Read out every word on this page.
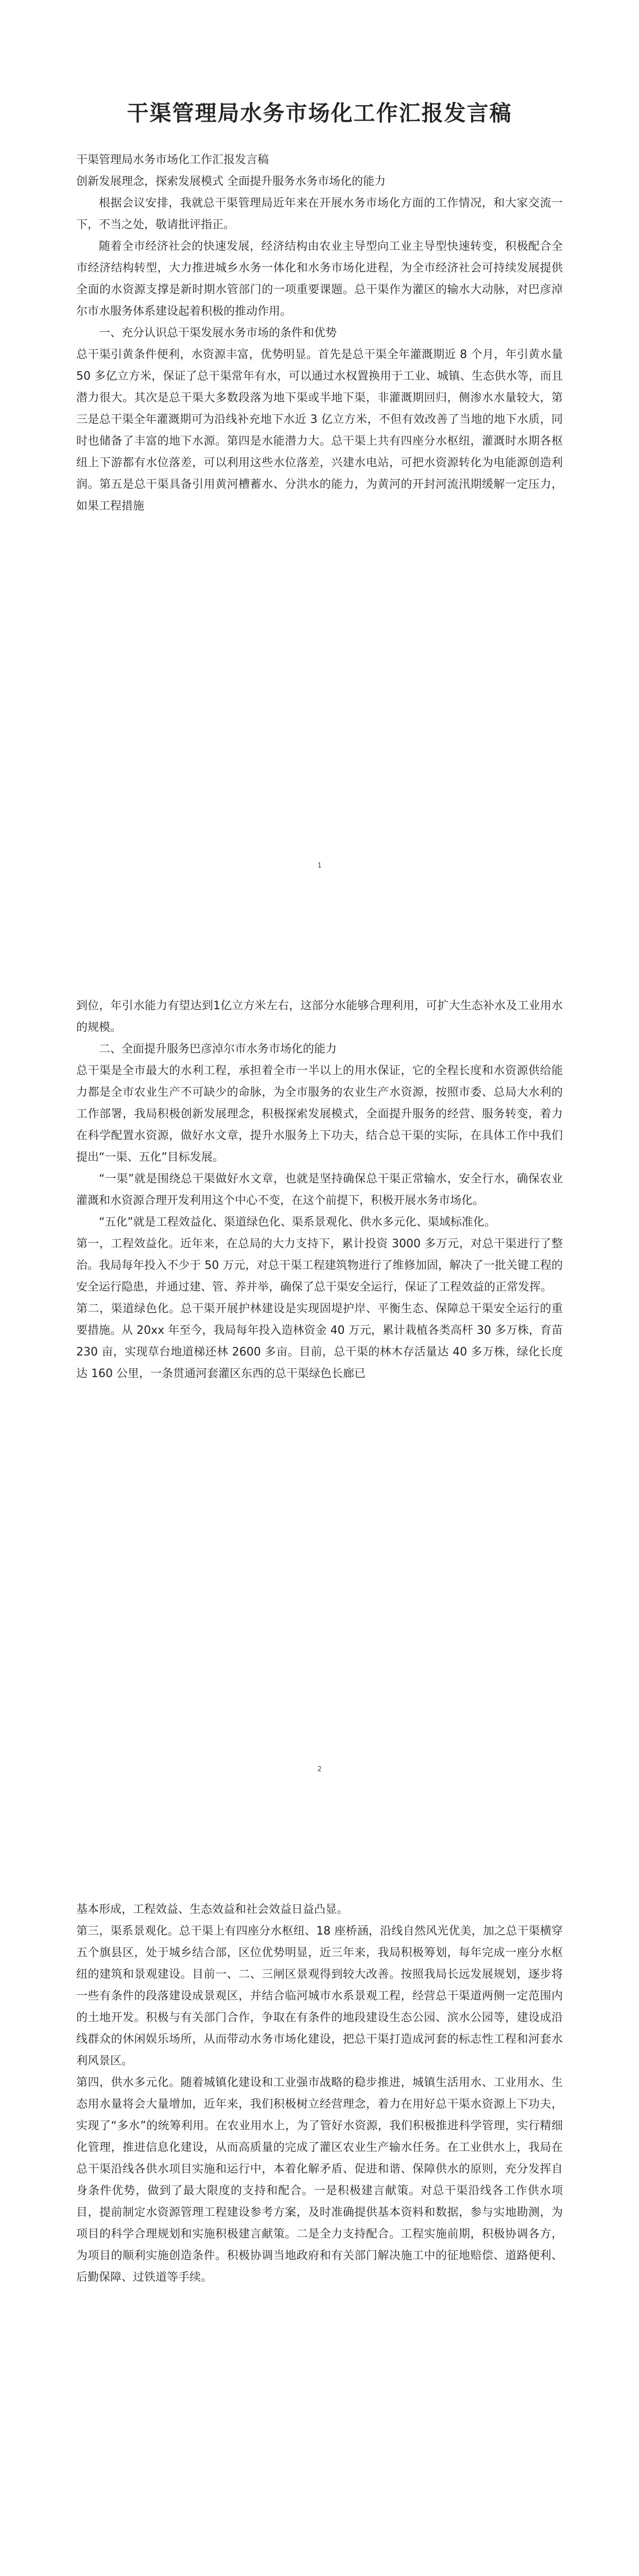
干渠管理局水务市场化工作汇报发言稿

干渠管理局水务市场化工作汇报发言稿

创新发展理念，探索发展模式 全面提升服务水务市场化的能力

根据会议安排，我就总干渠管理局近年来在开展水务市场化方面的工作情况，和大家交流一下，不当之处，敬请批评指正。

随着全市经济社会的快速发展，经济结构由农业主导型向工业主导型快速转变，积极配合全市经济结构转型，大力推进城乡水务一体化和水务市场化进程，为全市经济社会可持续发展提供全面的水资源支撑是新时期水管部门的一项重要课题。总干渠作为灌区的输水大动脉，对巴彦淖尔市水服务体系建设起着积极的推动作用。

一、充分认识总干渠发展水务市场的条件和优势

总干渠引黄条件便利，水资源丰富，优势明显。首先是总干渠全年灌溉期近 8 个月，年引黄水量 50 多亿立方米，保证了总干渠常年有水，可以通过水权置换用于工业、城镇、生态供水等，而且潜力很大。其次是总干渠大多数段落为地下渠或半地下渠，非灌溉期回归，侧渗水水量较大，第三是总干渠全年灌溉期可为沿线补充地下水近 3 亿立方米，不但有效改善了当地的地下水质，同时也储备了丰富的地下水源。第四是水能潜力大。总干渠上共有四座分水枢纽，灌溉时水期各枢纽上下游都有水位落差，可以利用这些水位落差，兴建水电站，可把水资源转化为电能源创造利润。第五是总干渠具备引用黄河槽蓄水、分洪水的能力，为黄河的开封河流汛期缓解一定压力，如果工程措施

1

到位，年引水能力有望达到1亿立方米左右，这部分水能够合理利用，可扩大生态补水及工业用水的规模。

二、全面提升服务巴彦淖尔市水务市场化的能力

总干渠是全市最大的水利工程，承担着全市一半以上的用水保证，它的全程长度和水资源供给能力都是全市农业生产不可缺少的命脉，为全市服务的农业生产水资源，按照市委、总局大水利的工作部署，我局积极创新发展理念，积极探索发展模式，全面提升服务的经营、服务转变，着力在科学配置水资源，做好水文章，提升水服务上下功夫，结合总干渠的实际，在具体工作中我们提出“一渠、五化”目标发展。

“一渠”就是围绕总干渠做好水文章，也就是坚持确保总干渠正常输水，安全行水，确保农业灌溉和水资源合理开发利用这个中心不变，在这个前提下，积极开展水务市场化。

“五化”就是工程效益化、渠道绿色化、渠系景观化、供水多元化、渠域标准化。

第一，工程效益化。近年来，在总局的大力支持下，累计投资 3000 多万元，对总干渠进行了整治。我局每年投入不少于 50 万元，对总干渠工程建筑物进行了维修加固，解决了一批关键工程的安全运行隐患，并通过建、管、养并举，确保了总干渠安全运行，保证了工程效益的正常发挥。

第二，渠道绿色化。总干渠开展护林建设是实现固堤护岸、平衡生态、保障总干渠安全运行的重要措施。从 20xx 年至今，我局每年投入造林资金 40 万元，累计栽植各类高杆 30 多万株，育苗 230 亩，实现草台地道梯还林 2600 多亩。目前，总干渠的林木存活量达 40 多万株，绿化长度达 160 公里，一条贯通河套灌区东西的总干渠绿色长廊已

2

基本形成，工程效益、生态效益和社会效益日益凸显。

第三，渠系景观化。总干渠上有四座分水枢纽、18 座桥涵，沿线自然风光优美，加之总干渠横穿五个旗县区，处于城乡结合部，区位优势明显，近三年来，我局积极筹划，每年完成一座分水枢纽的建筑和景观建设。目前一、二、三闸区景观得到较大改善。按照我局长远发展规划，逐步将一些有条件的段落建设成景观区，并结合临河城市水系景观工程，经营总干渠道两侧一定范围内的土地开发。积极与有关部门合作，争取在有条件的地段建设生态公园、滨水公园等，建设成沿线群众的休闲娱乐场所，从而带动水务市场化建设，把总干渠打造成河套的标志性工程和河套水利风景区。

第四，供水多元化。随着城镇化建设和工业强市战略的稳步推进，城镇生活用水、工业用水、生态用水量将会大量增加，近年来，我们积极树立经营理念，着力在用好总干渠水资源上下功夫，实现了“多水”的统筹利用。在农业用水上，为了管好水资源，我们积极推进科学管理，实行精细化管理，推进信息化建设，从而高质量的完成了灌区农业生产输水任务。在工业供水上，我局在总干渠沿线各供水项目实施和运行中，本着化解矛盾、促进和谐、保障供水的原则，充分发挥自身条件优势，做到了最大限度的支持和配合。一是积极建言献策。对总干渠沿线各工作供水项目，提前制定水资源管理工程建设参考方案，及时准确提供基本资料和数据，参与实地勘测，为项目的科学合理规划和实施积极建言献策。二是全力支持配合。工程实施前期，积极协调各方，为项目的顺利实施创造条件。积极协调当地政府和有关部门解决施工中的征地赔偿、道路便利、后勤保障、过铁道等手续。
